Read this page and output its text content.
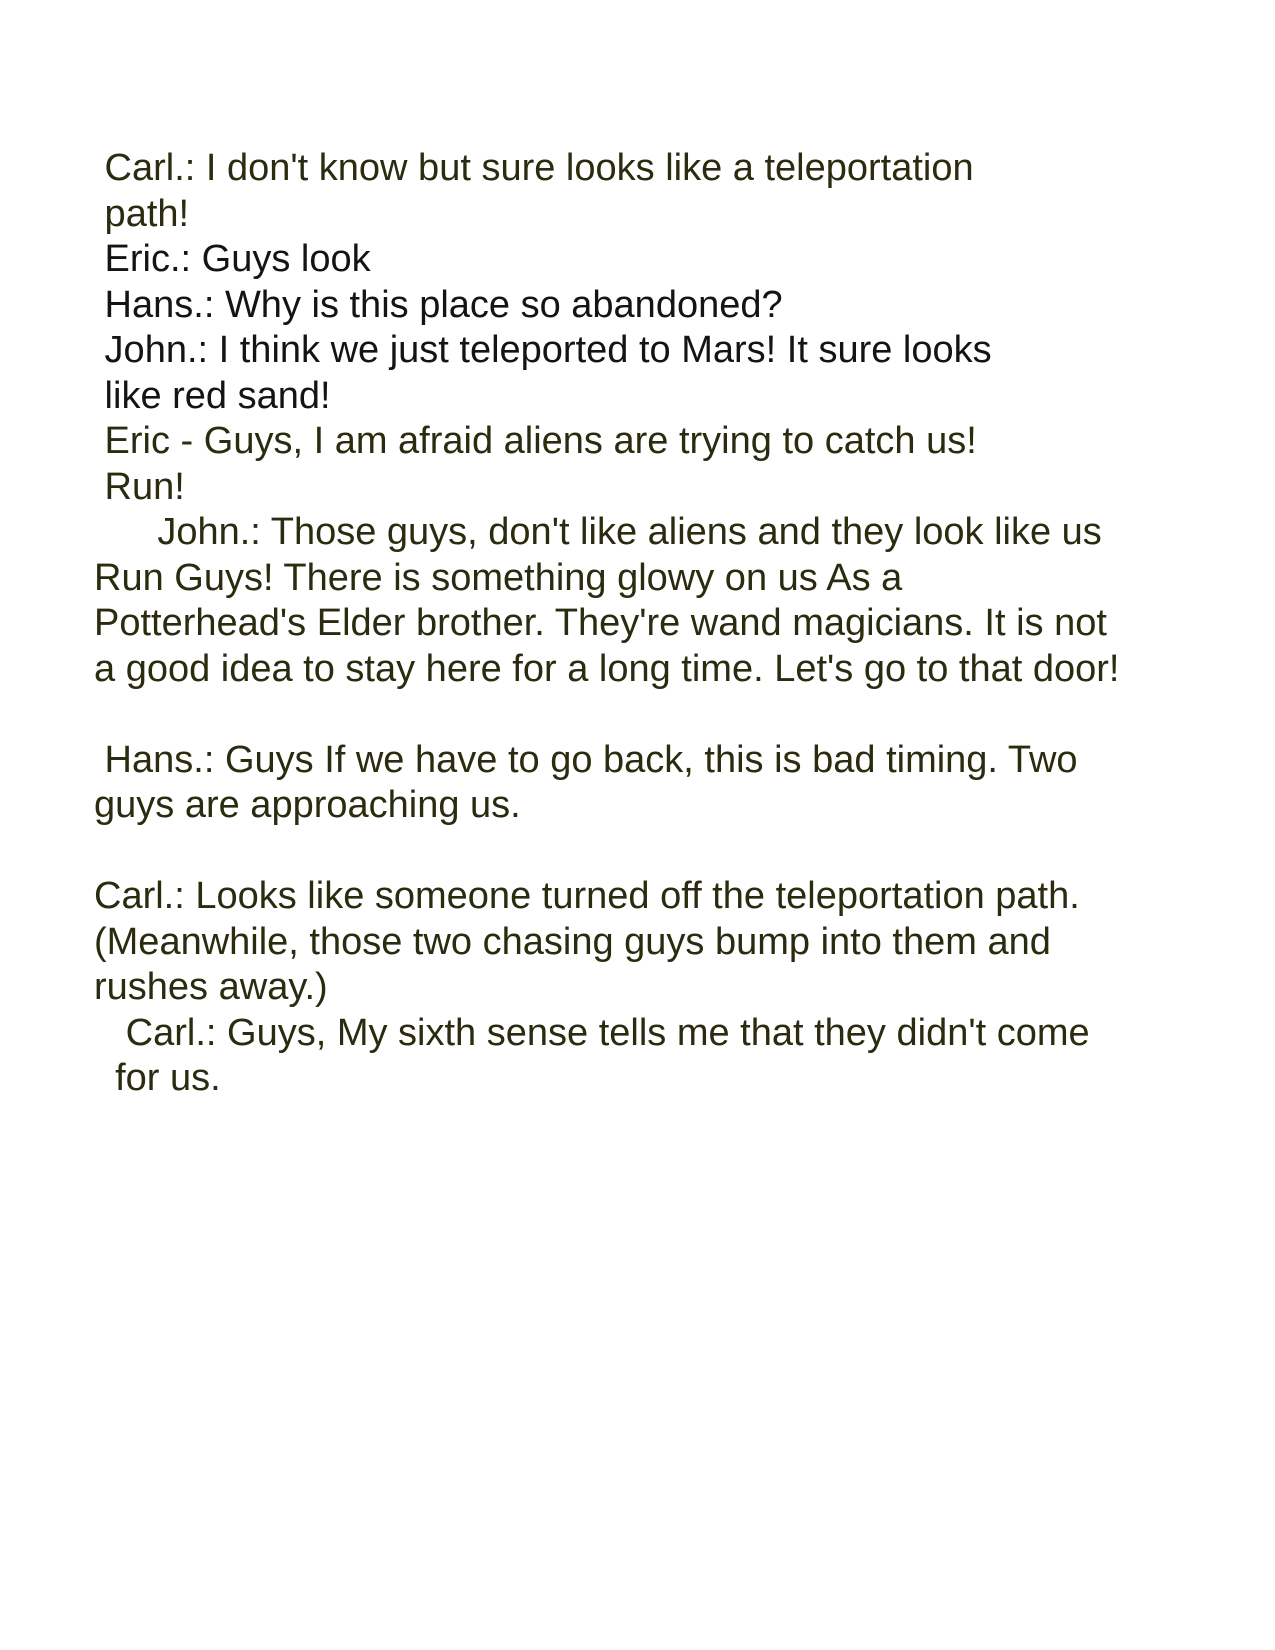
Carl.: I don't know but sure looks like a teleportation
path!
Eric.: Guys look
Hans.: Why is this place so abandoned?
John.: I think we just teleported to Mars! It sure looks
like red sand!
Eric - Guys, I am afraid aliens are trying to catch us!
Run!
John.: Those guys, don't like aliens and they look like us
Run Guys! There is something glowy on us As a
Potterhead's Elder brother. They're wand magicians. It is not
a good idea to stay here for a long time. Let's go to that door!
Hans.: Guys If we have to go back, this is bad timing. Two
guys are approaching us.
Carl.: Looks like someone turned off the teleportation path.
(Meanwhile, those two chasing guys bump into them and
rushes away.)
Carl.: Guys, My sixth sense tells me that they didn't come
for us.
